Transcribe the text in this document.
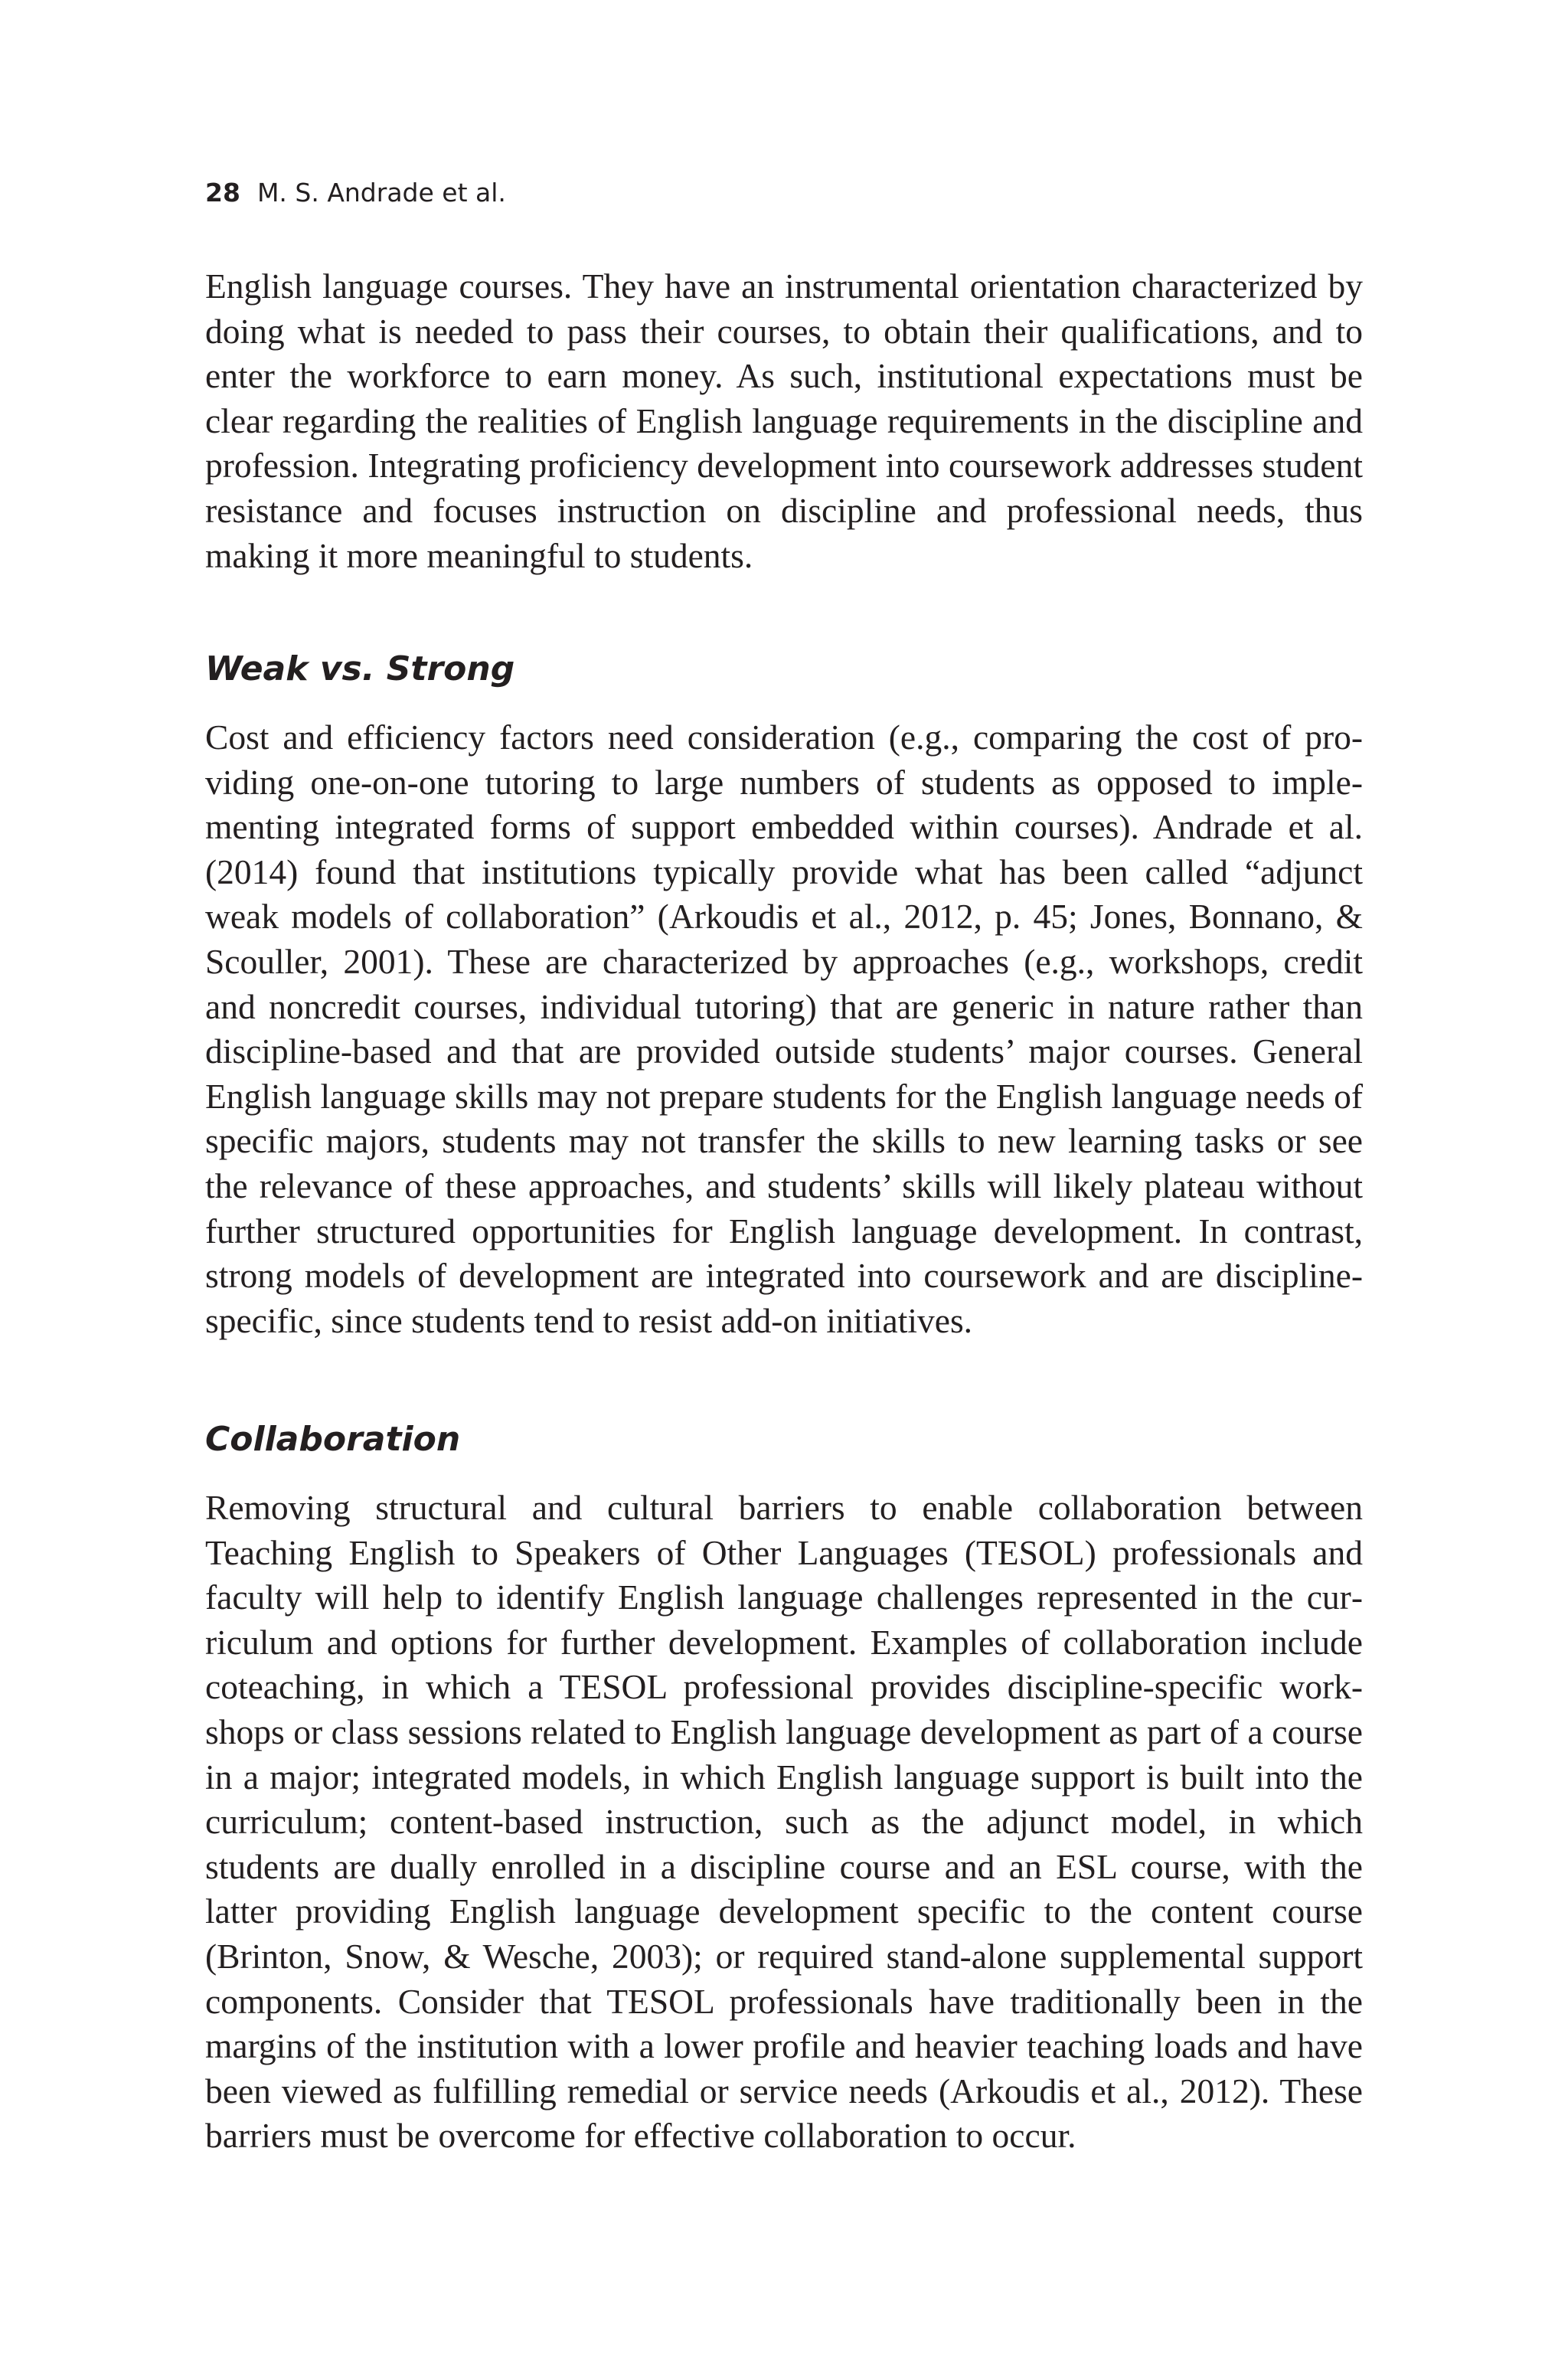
28 M. S. Andrade et al.

English language courses. They have an instrumental orientation characterized by doing what is needed to pass their courses, to obtain their qualifications, and to enter the workforce to earn money. As such, institutional expectations must be clear regarding the realities of English language requirements in the discipline and profession. Integrating proficiency development into coursework addresses student resistance and focuses instruction on discipline and professional needs, thus making it more meaningful to students.

Weak vs. Strong

Cost and efficiency factors need consideration (e.g., comparing the cost of providing one-on-one tutoring to large numbers of students as opposed to implementing integrated forms of support embedded within courses). Andrade et al. (2014) found that institutions typically provide what has been called “adjunct weak models of collaboration” (Arkoudis et al., 2012, p. 45; Jones, Bonnano, & Scouller, 2001). These are characterized by approaches (e.g., workshops, credit and noncredit courses, individual tutoring) that are generic in nature rather than discipline-based and that are provided outside students’ major courses. General English language skills may not prepare students for the English language needs of specific majors, students may not transfer the skills to new learning tasks or see the relevance of these approaches, and students’ skills will likely plateau without further structured opportunities for English language development. In contrast, strong models of development are integrated into coursework and are discipline-specific, since students tend to resist add-on initiatives.

Collaboration

Removing structural and cultural barriers to enable collaboration between Teaching English to Speakers of Other Languages (TESOL) professionals and faculty will help to identify English language challenges represented in the curriculum and options for further development. Examples of collaboration include coteaching, in which a TESOL professional provides discipline-specific workshops or class sessions related to English language development as part of a course in a major; integrated models, in which English language support is built into the curriculum; content-based instruction, such as the adjunct model, in which students are dually enrolled in a discipline course and an ESL course, with the latter providing English language development specific to the content course (Brinton, Snow, & Wesche, 2003); or required stand-alone supplemental support components. Consider that TESOL professionals have traditionally been in the margins of the institution with a lower profile and heavier teaching loads and have been viewed as fulfilling remedial or service needs (Arkoudis et al., 2012). These barriers must be overcome for effective collaboration to occur.
